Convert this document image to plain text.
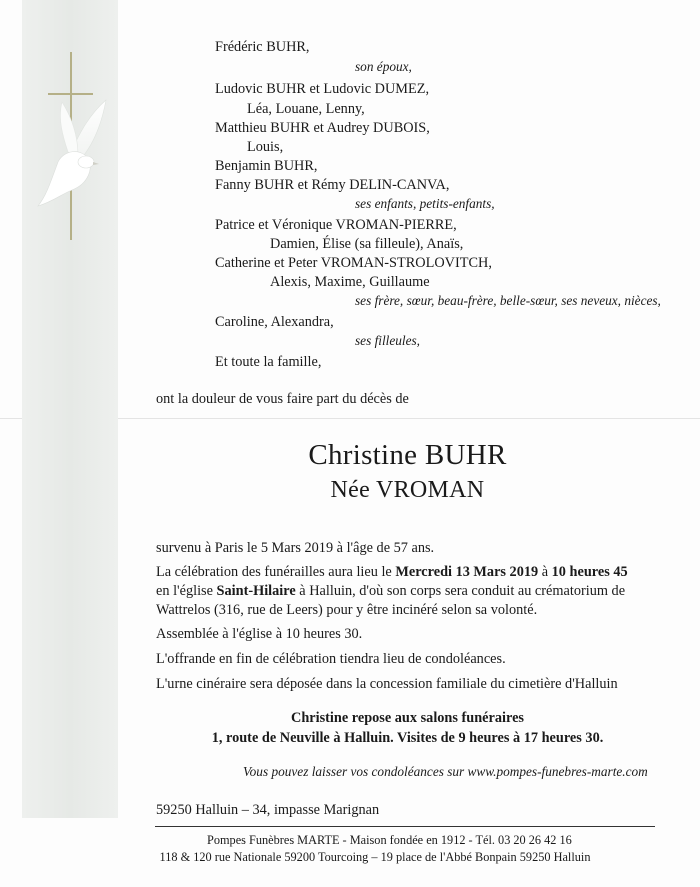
Frédéric BUHR,
son époux,
Ludovic BUHR et Ludovic DUMEZ,
Léa, Louane, Lenny,
Matthieu BUHR et Audrey DUBOIS,
Louis,
Benjamin BUHR,
Fanny BUHR et Rémy DELIN-CANVA,
ses enfants, petits-enfants,
Patrice et Véronique VROMAN-PIERRE,
Damien, Élise (sa filleule), Anaïs,
Catherine et Peter VROMAN-STROLOVITCH,
Alexis, Maxime, Guillaume
ses frère, sœur, beau-frère, belle-sœur, ses neveux, nièces,
Caroline, Alexandra,
ses filleules,
Et toute la famille,
ont la douleur de vous faire part du décès de
Christine BUHR
Née VROMAN
survenu à Paris le 5 Mars 2019 à l'âge de 57 ans.
La célébration des funérailles aura lieu le Mercredi 13 Mars 2019 à 10 heures 45
en l'église Saint-Hilaire à Halluin, d'où son corps sera conduit au crématorium de
Wattrelos (316, rue de Leers) pour y être incinéré selon sa volonté.
Assemblée à l'église à 10 heures 30.
L'offrande en fin de célébration tiendra lieu de condoléances.
L'urne cinéraire sera déposée dans la concession familiale du cimetière d'Halluin
Christine repose aux salons funéraires
1, route de Neuville à Halluin. Visites de 9 heures à 17 heures 30.
Vous pouvez laisser vos condoléances sur www.pompes-funebres-marte.com
59250 Halluin – 34, impasse Marignan
Pompes Funèbres MARTE - Maison fondée en 1912 - Tél. 03 20 26 42 16
118 & 120 rue Nationale 59200 Tourcoing – 19 place de l'Abbé Bonpain 59250 Halluin
